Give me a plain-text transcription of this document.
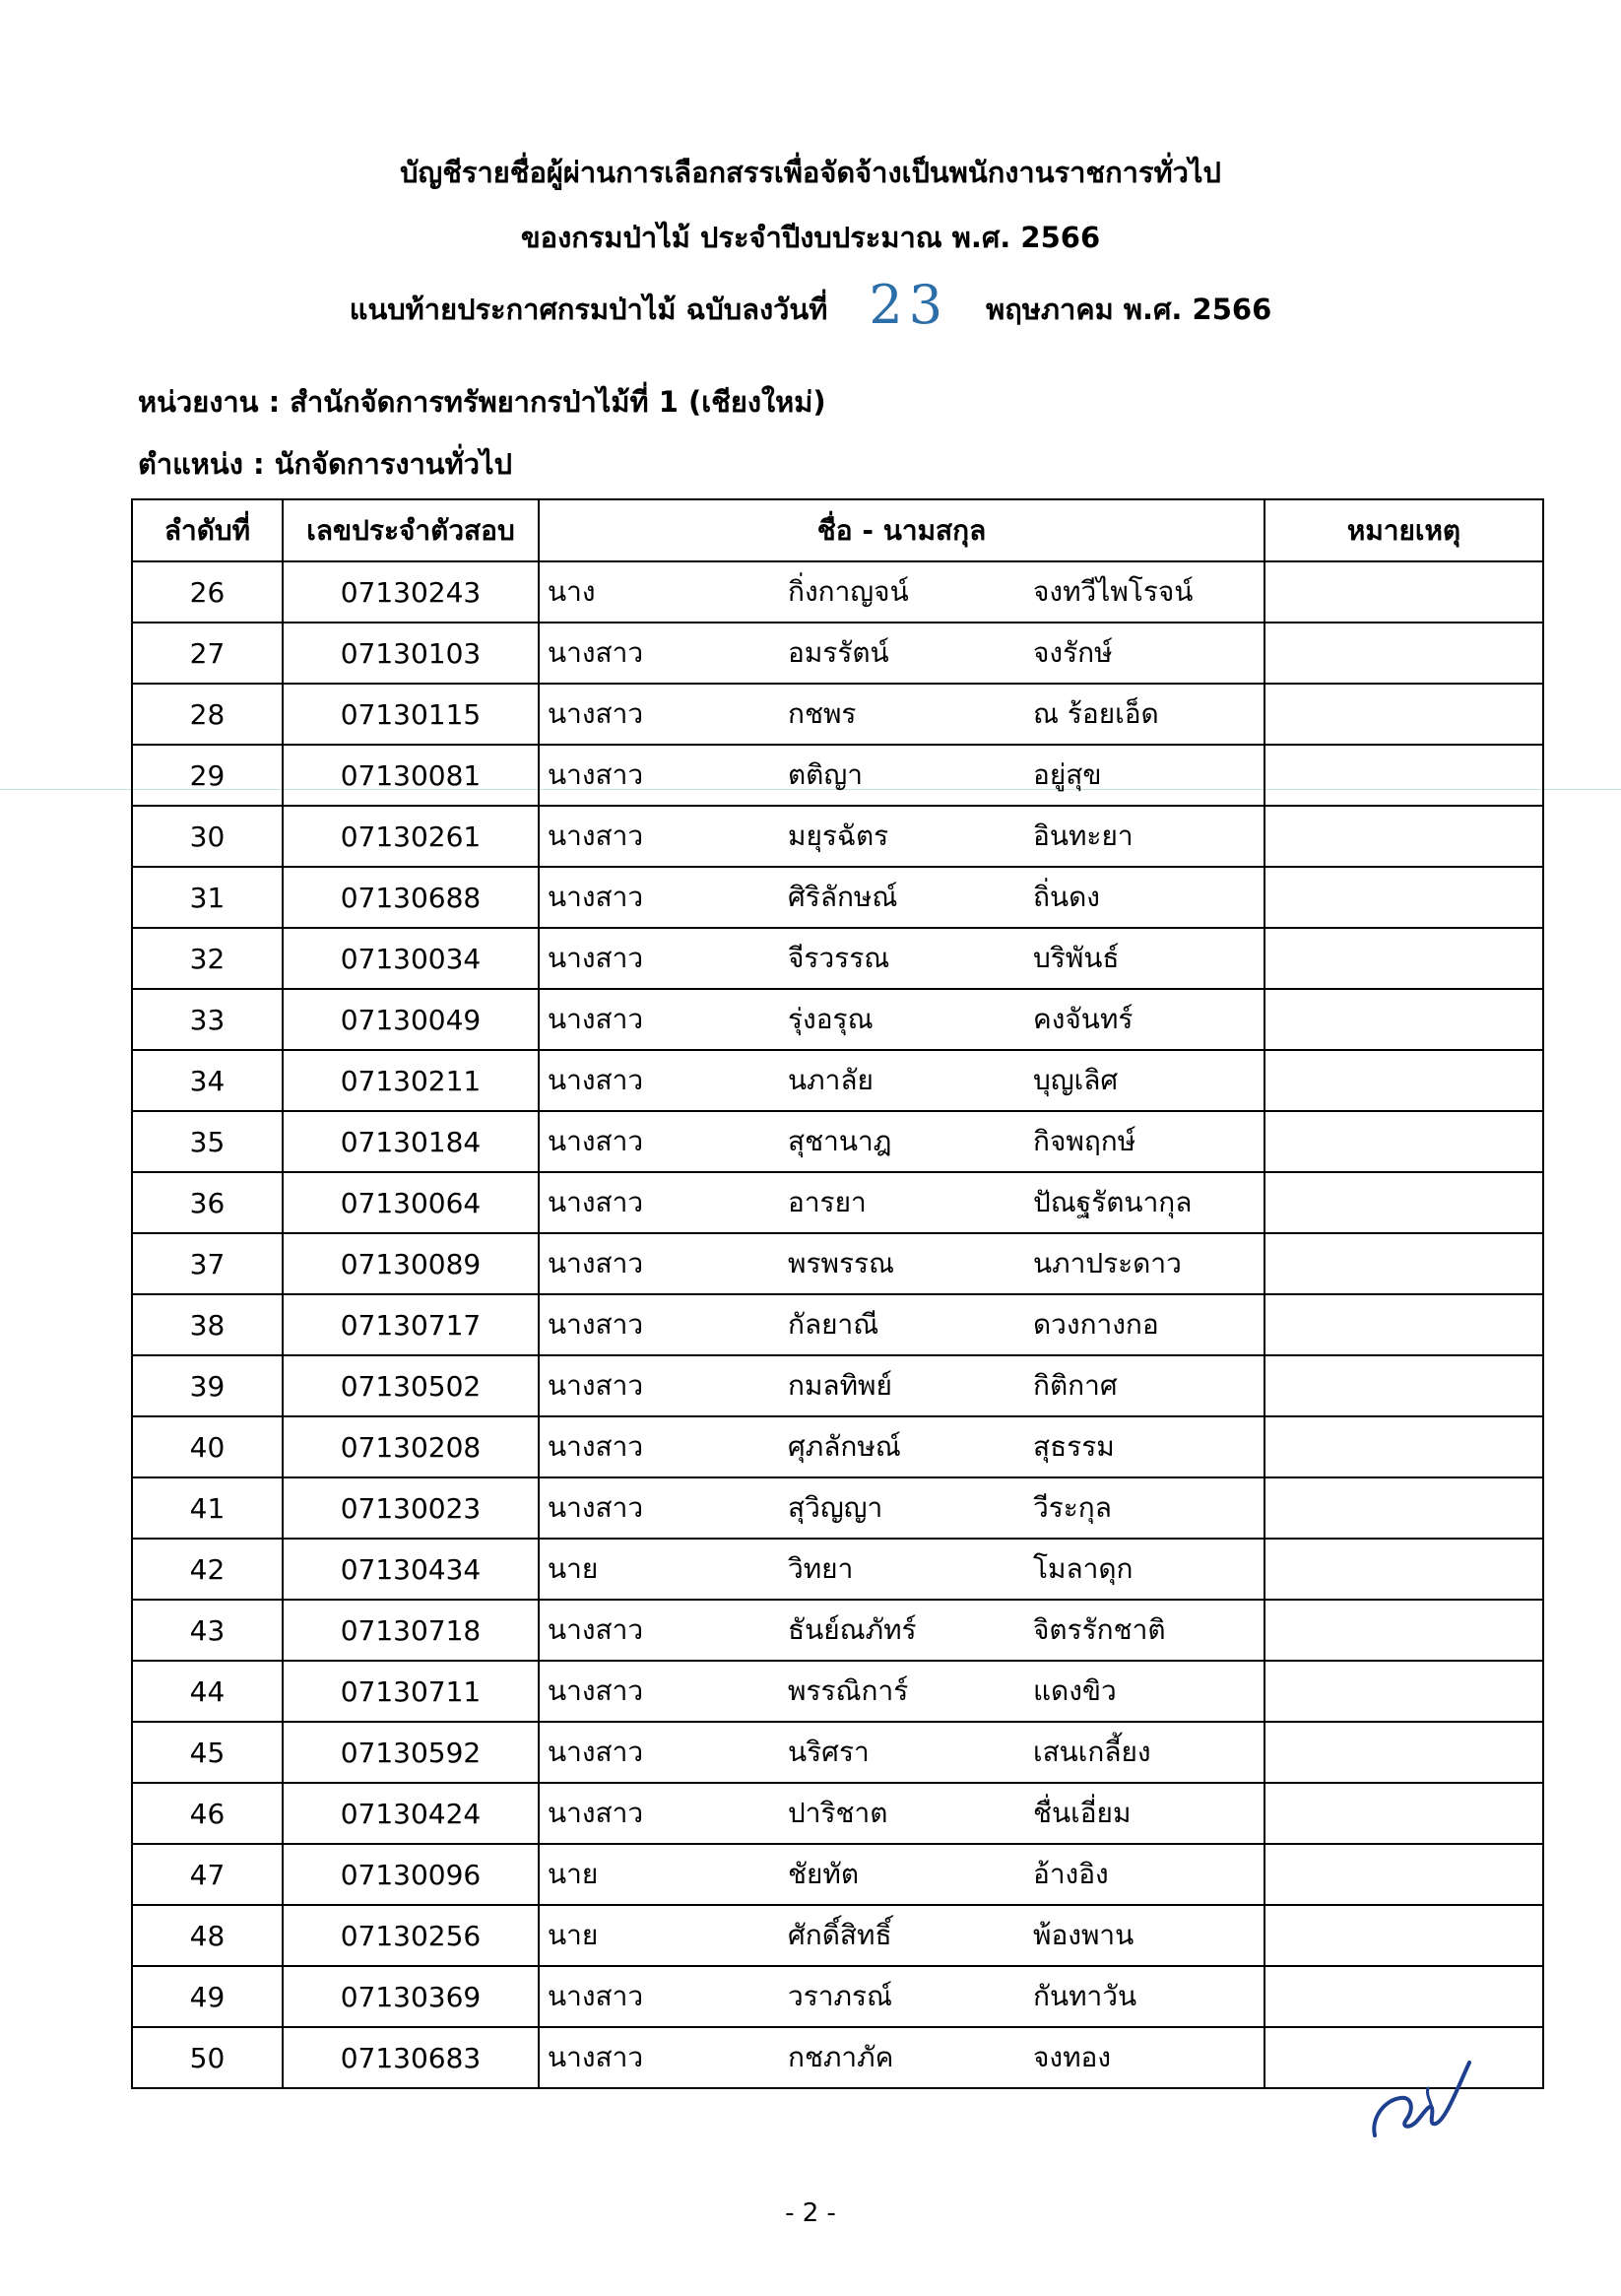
บัญชีรายชื่อผู้ผ่านการเลือกสรรเพื่อจัดจ้างเป็นพนักงานราชการทั่วไป
ของกรมป่าไม้ ประจำปีงบประมาณ พ.ศ. 2566
แนบท้ายประกาศกรมป่าไม้ ฉบับลงวันที่ 23 พฤษภาคม พ.ศ. 2566
หน่วยงาน : สำนักจัดการทรัพยากรป่าไม้ที่ 1 (เชียงใหม่)
ตำแหน่ง : นักจัดการงานทั่วไป
ลำดับที่	เลขประจำตัวสอบ	ชื่อ - นามสกุล	หมายเหตุ
26	07130243	นาง กิ่งกาญจน์ จงทวีไพโรจน์	

27	07130103	นางสาว อมรรัตน์ จงรักษ์	

28	07130115	นางสาว กชพร ณ ร้อยเอ็ด	

29	07130081	นางสาว ตติญา อยู่สุข	

30	07130261	นางสาว มยุรฉัตร อินทะยา	

31	07130688	นางสาว ศิริลักษณ์ ถิ่นดง	

32	07130034	นางสาว จีรวรรณ บริพันธ์	

33	07130049	นางสาว รุ่งอรุณ คงจันทร์	

34	07130211	นางสาว นภาลัย บุญเลิศ	

35	07130184	นางสาว สุชานาฎ กิจพฤกษ์	

36	07130064	นางสาว อารยา ปัณฐรัตนากุล	

37	07130089	นางสาว พรพรรณ นภาประดาว	

38	07130717	นางสาว กัลยาณี ดวงกางกอ	

39	07130502	นางสาว กมลทิพย์ กิติกาศ	

40	07130208	นางสาว ศุภลักษณ์ สุธรรม	

41	07130023	นางสาว สุวิญญา วีระกุล	

42	07130434	นาย วิทยา โมลาดุก	

43	07130718	นางสาว ธันย์ณภัทร์ จิตรรักชาติ	

44	07130711	นางสาว พรรณิการ์ แดงขิว	

45	07130592	นางสาว นริศรา เสนเกลี้ยง	

46	07130424	นางสาว ปาริชาต ชื่นเอี่ยม	

47	07130096	นาย ชัยทัต อ้างอิง	

48	07130256	นาย ศักดิ์สิทธิ์ พ้องพาน	

49	07130369	นางสาว วราภรณ์ กันทาวัน	

50	07130683	นางสาว กชภาภัค จงทอง	

- 2 -
